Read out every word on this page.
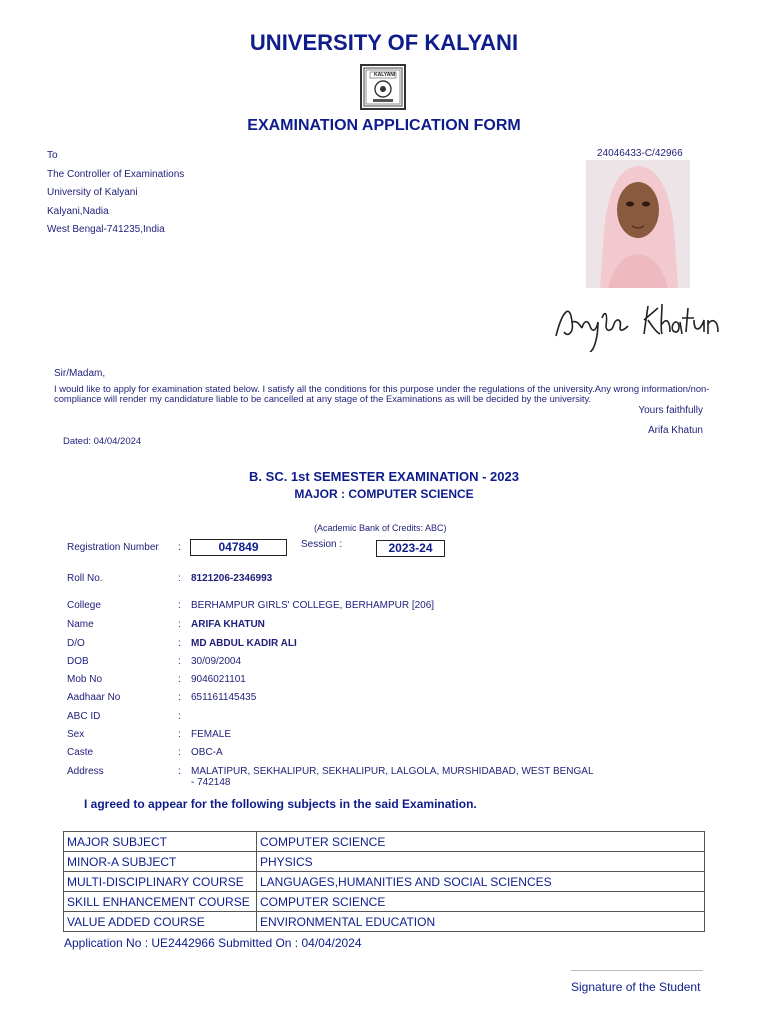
UNIVERSITY OF KALYANI
KALYANI
EXAMINATION APPLICATION FORM
To
The Controller of Examinations
University of Kalyani
Kalyani,Nadia
West Bengal-741235,India
24046433-C/42966
Sir/Madam,
I would like to apply for examination stated below. I satisfy all the conditions for this purpose under the regulations of the university.Any wrong information/non-
compliance will render my candidature liable to be cancelled at any stage of the Examinations as will be decided by the university.
Yours faithfully
Arifa Khatun
Dated: 04/04/2024
B. SC. 1st SEMESTER EXAMINATION - 2023
MAJOR : COMPUTER SCIENCE
(Academic Bank of Credits: ABC)
Registration Number :	047849	Session :	2023-24
Roll No.	: 8121206-2346993
College	: BERHAMPUR GIRLS' COLLEGE, BERHAMPUR [206]
Name	: ARIFA KHATUN
D/O	: MD ABDUL KADIR ALI
DOB	: 30/09/2004
Mob No	: 9046021101
Aadhaar No	: 651161145435
ABC ID	:
Sex	: FEMALE
Caste	: OBC-A
Address	: MALATIPUR, SEKHALIPUR, SEKHALIPUR, LALGOLA, MURSHIDABAD, WEST BENGAL
- 742148
I agreed to appear for the following subjects in the said Examination.
MAJOR SUBJECT	COMPUTER SCIENCE
MINOR-A SUBJECT	PHYSICS
MULTI-DISCIPLINARY COURSE	LANGUAGES,HUMANITIES AND SOCIAL SCIENCES
SKILL ENHANCEMENT COURSE	COMPUTER SCIENCE
VALUE ADDED COURSE	ENVIRONMENTAL EDUCATION
Application No : UE2442966 Submitted On : 04/04/2024
Signature of the Student
